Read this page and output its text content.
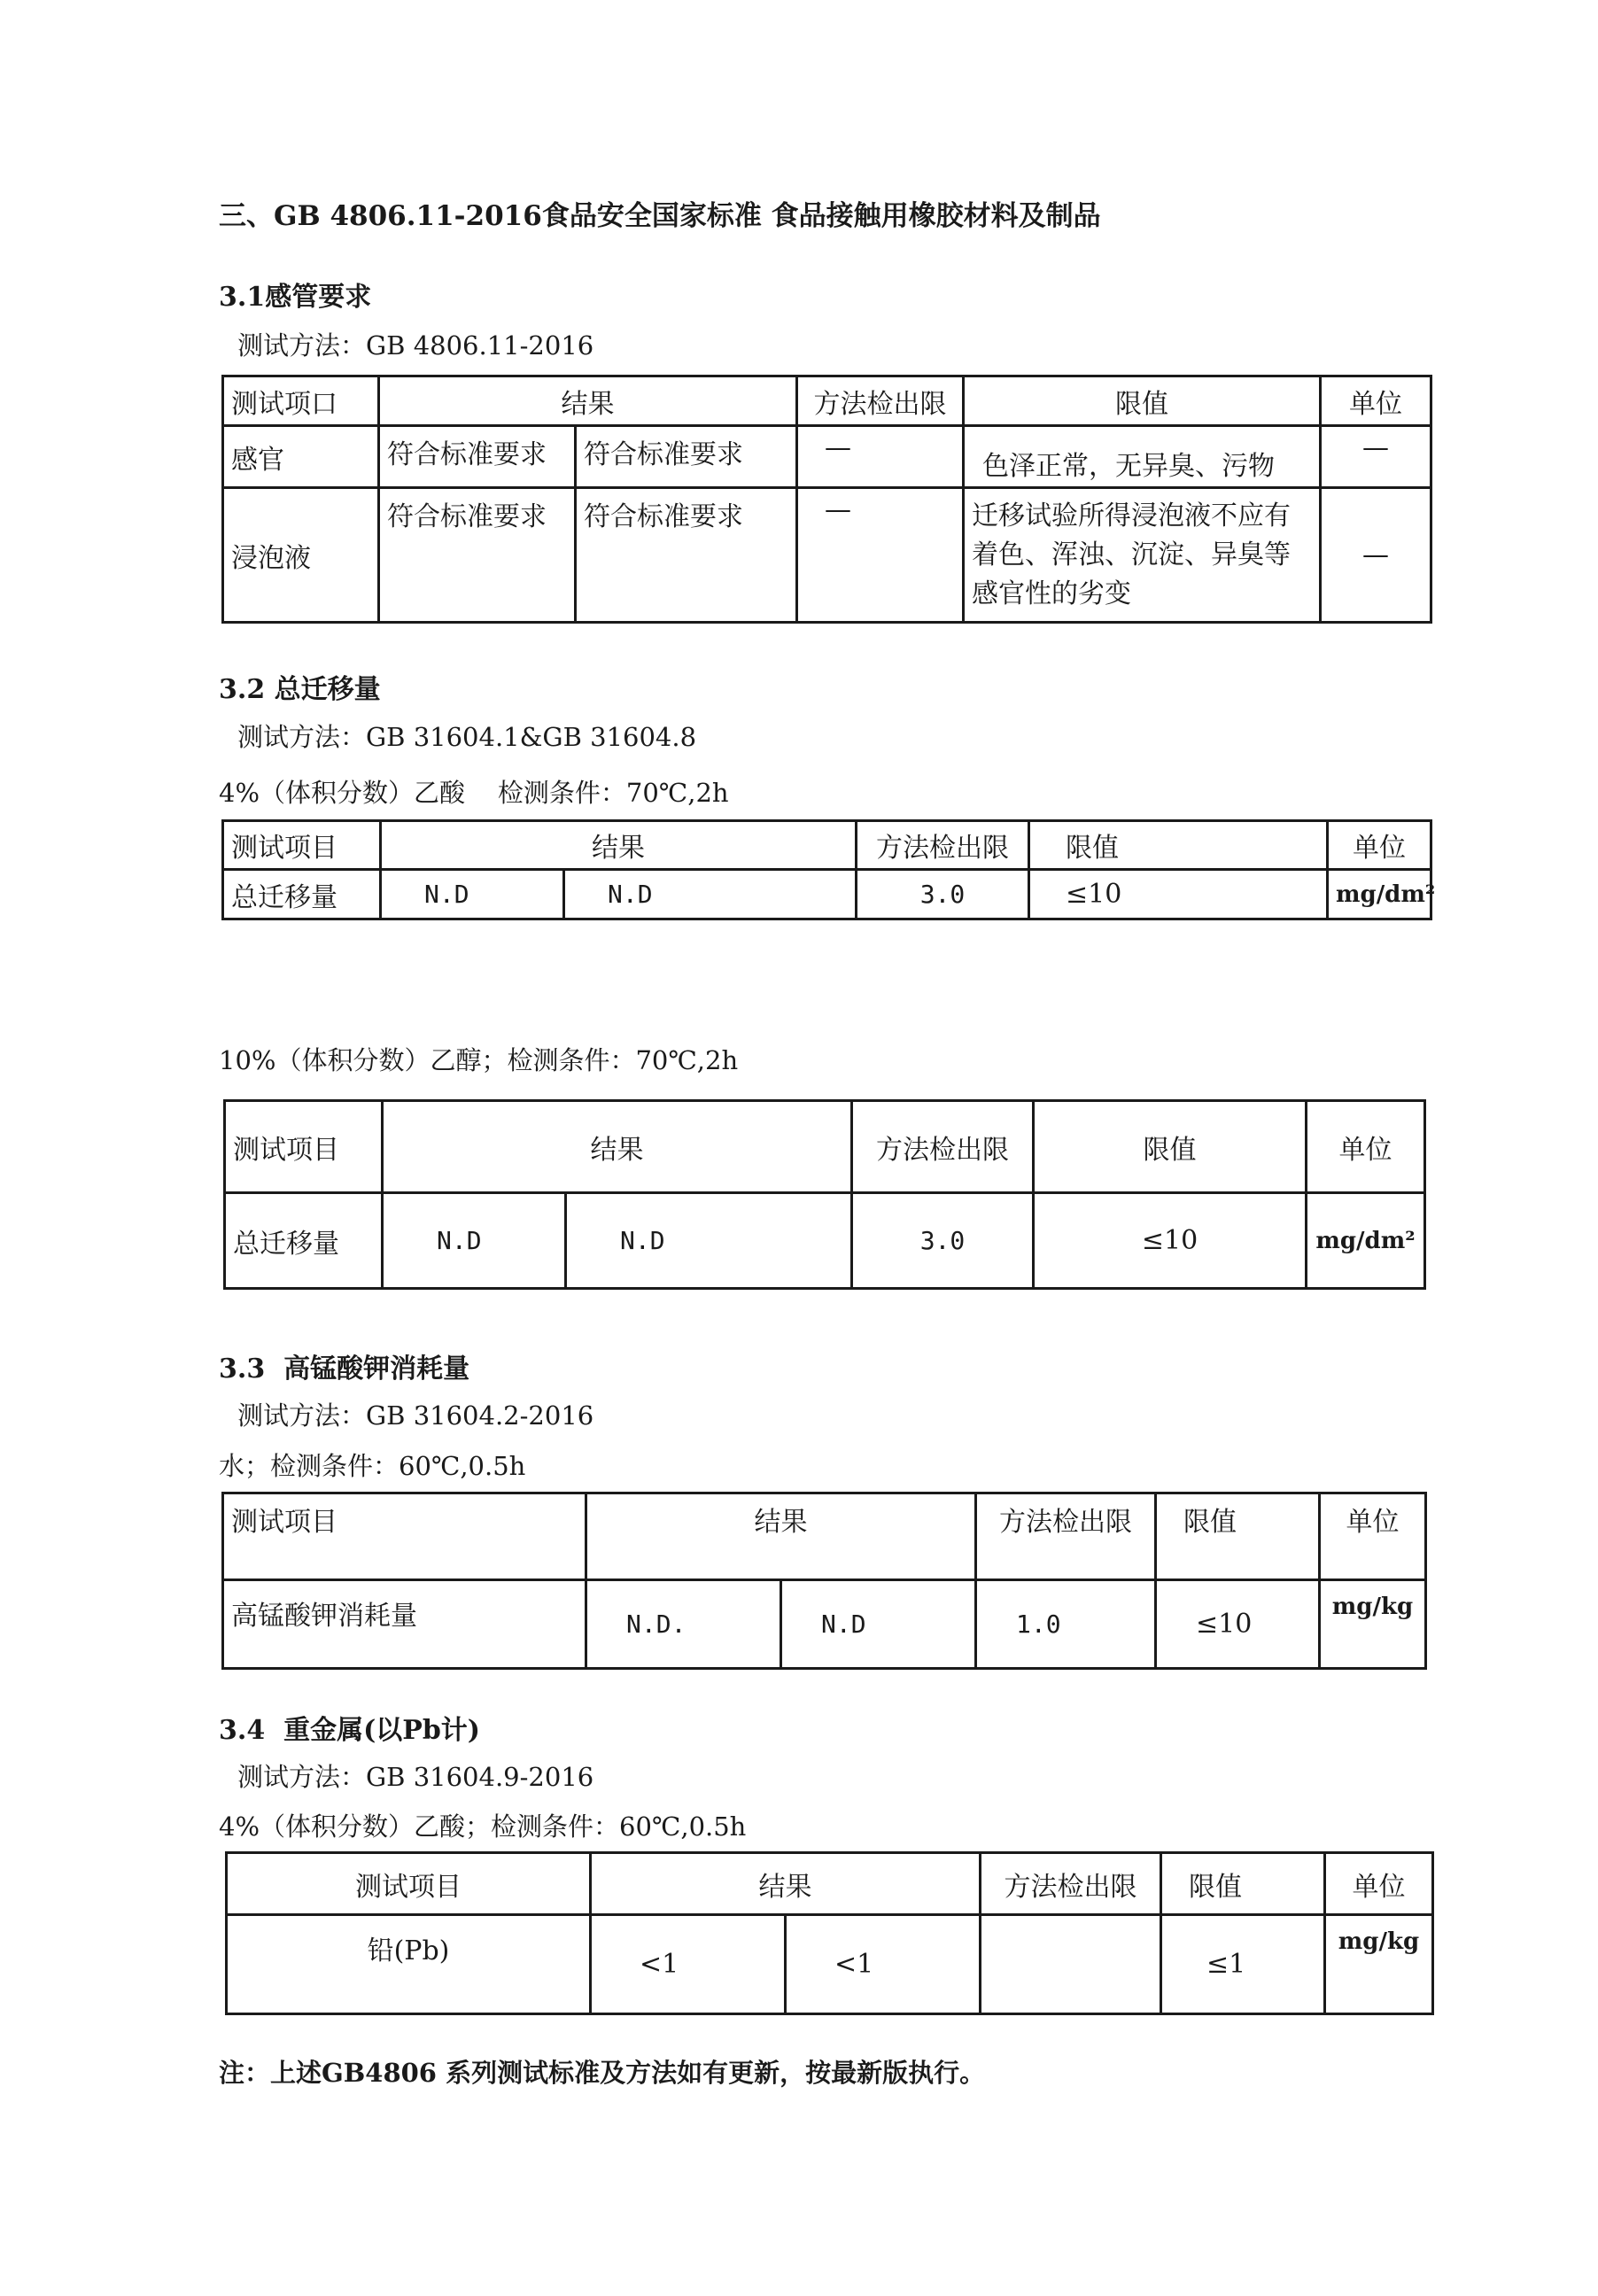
三、GB 4806.11-2016食品安全国家标准 食品接触用橡胶材料及制品
3.1感管要求
测试方法：GB 4806.11-2016
测试项口	结果		方法检出限	限值	单位
感官	符合标准要求	符合标准要求	—	色泽正常，无异臭、污物	—
浸泡液	符合标准要求	符合标准要求	—	迁移试验所得浸泡液不应有
着色、浑浊、沉淀、异臭等
感官性的劣变	—
3.2 总迁移量
测试方法：GB 31604.1&GB 31604.8
4%（体积分数）乙酸    检测条件：70℃,2h
测试项目	结果		方法检出限	限值	单位
总迁移量	N.D	N.D	3.0	≤10	mg/dm²
10%（体积分数）乙醇；检测条件：70℃,2h
测试项目	结果		方法检出限	限值	单位
总迁移量	N.D	N.D	3.0	≤10	mg/dm²
3.3  高锰酸钾消耗量
测试方法：GB 31604.2-2016
水；检测条件：60℃,0.5h
测试项目	结果		方法检出限	限值	单位
高锰酸钾消耗量	N.D.	N.D	1.0	≤10	mg/kg
3.4  重金属(以Pb计)
测试方法：GB 31604.9-2016
4%（体积分数）乙酸；检测条件：60℃,0.5h
测试项目	结果		方法检出限	限值	单位
铅(Pb)	<1	<1		≤1	mg/kg
注：上述GB4806 系列测试标准及方法如有更新，按最新版执行。
